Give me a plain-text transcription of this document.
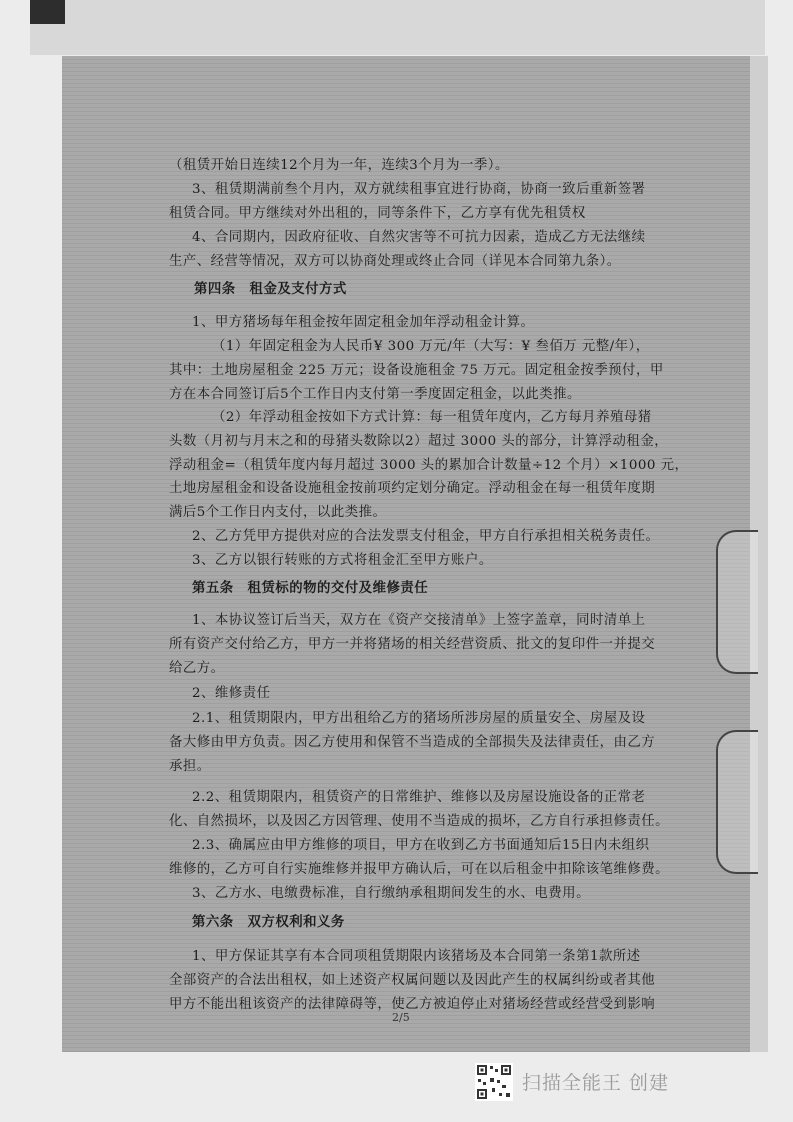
（租赁开始日连续12个月为一年，连续3个月为一季）。
3、租赁期满前叁个月内，双方就续租事宜进行协商，协商一致后重新签署
租赁合同。甲方继续对外出租的，同等条件下，乙方享有优先租赁权
4、合同期内，因政府征收、自然灾害等不可抗力因素，造成乙方无法继续
生产、经营等情况，双方可以协商处理或终止合同（详见本合同第九条）。
第四条　租金及支付方式
1、甲方猪场每年租金按年固定租金加年浮动租金计算。
（1）年固定租金为人民币¥ 300 万元/年（大写：¥ 叁佰万 元整/年），
其中：土地房屋租金 225 万元；设备设施租金 75 万元。固定租金按季预付，甲
方在本合同签订后5个工作日内支付第一季度固定租金，以此类推。
（2）年浮动租金按如下方式计算：每一租赁年度内，乙方每月养殖母猪
头数（月初与月末之和的母猪头数除以2）超过 3000 头的部分，计算浮动租金，
浮动租金=（租赁年度内每月超过 3000 头的累加合计数量÷12 个月）×1000 元，
土地房屋租金和设备设施租金按前项约定划分确定。浮动租金在每一租赁年度期
满后5个工作日内支付，以此类推。
2、乙方凭甲方提供对应的合法发票支付租金，甲方自行承担相关税务责任。
3、乙方以银行转账的方式将租金汇至甲方账户。
第五条　租赁标的物的交付及维修责任
1、本协议签订后当天，双方在《资产交接清单》上签字盖章，同时清单上
所有资产交付给乙方，甲方一并将猪场的相关经营资质、批文的复印件一并提交
给乙方。
2、维修责任
2.1、租赁期限内，甲方出租给乙方的猪场所涉房屋的质量安全、房屋及设
备大修由甲方负责。因乙方使用和保管不当造成的全部损失及法律责任，由乙方
承担。
2.2、租赁期限内，租赁资产的日常维护、维修以及房屋设施设备的正常老
化、自然损坏，以及因乙方因管理、使用不当造成的损坏，乙方自行承担修责任。
2.3、确属应由甲方维修的项目，甲方在收到乙方书面通知后15日内未组织
维修的，乙方可自行实施维修并报甲方确认后，可在以后租金中扣除该笔维修费。
3、乙方水、电缴费标准，自行缴纳承租期间发生的水、电费用。
第六条　双方权利和义务
1、甲方保证其享有本合同项租赁期限内该猪场及本合同第一条第1款所述
全部资产的合法出租权，如上述资产权属问题以及因此产生的权属纠纷或者其他
甲方不能出租该资产的法律障碍等，使乙方被迫停止对猪场经营或经营受到影响
2/5
扫描全能王 创建
